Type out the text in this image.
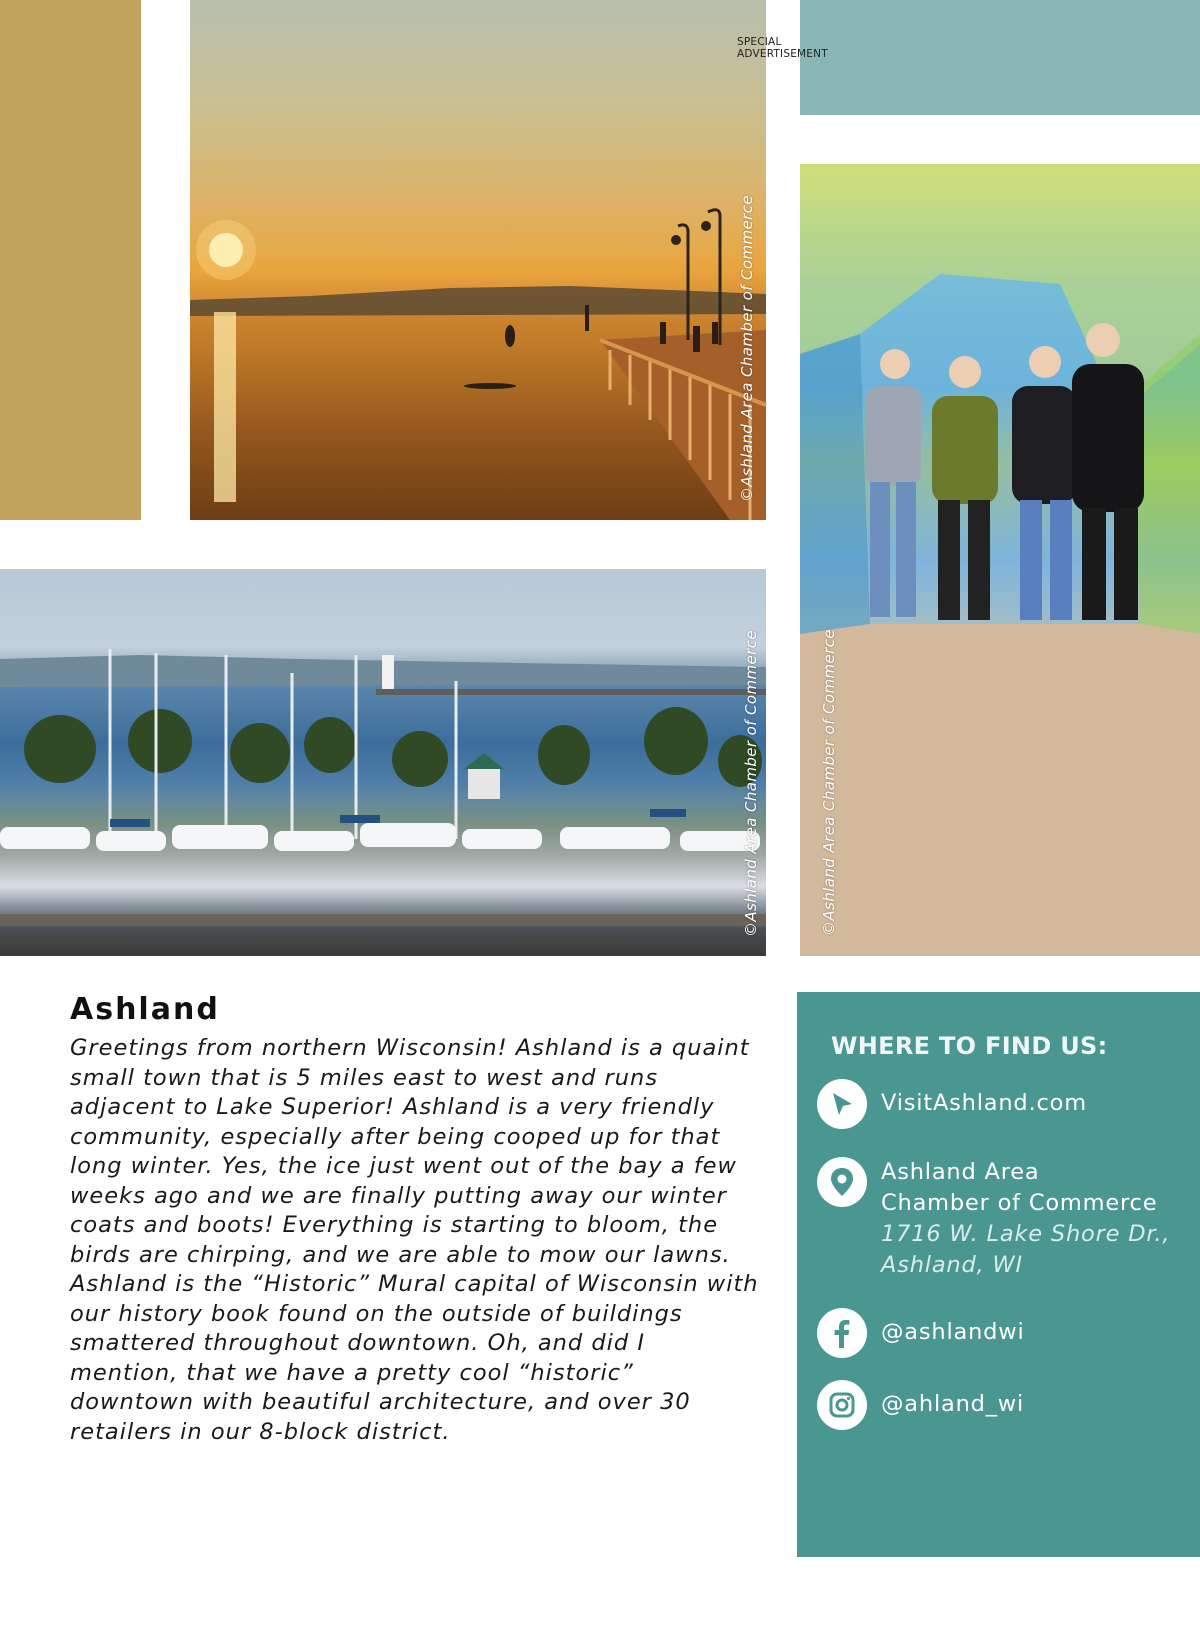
SPECIAL ADVERTISEMENT
©Ashland Area Chamber of Commerce
©Ashland Area Chamber of Commerce	©Ashland Area Chamber of Commerce
Ashland

Greetings from northern Wisconsin! Ashland is a quaint small town that is 5 miles east to west and runs adjacent to Lake Superior! Ashland is a very friendly community, especially after being cooped up for that long winter. Yes, the ice just went out of the bay a few weeks ago and we are finally putting away our winter coats and boots! Everything is starting to bloom, the birds are chirping, and we are able to mow our lawns. Ashland is the “Historic” Mural capital of Wisconsin with our history book found on the outside of buildings smattered throughout downtown. Oh, and did I mention, that we have a pretty cool “historic” downtown with beautiful architecture, and over 30 retailers in our 8-block district.

WHERE TO FIND US:
VisitAshland.com
Ashland Area
Chamber of Commerce
1716 W. Lake Shore Dr.,
Ashland, WI
@ashlandwi
@ahland_wi
